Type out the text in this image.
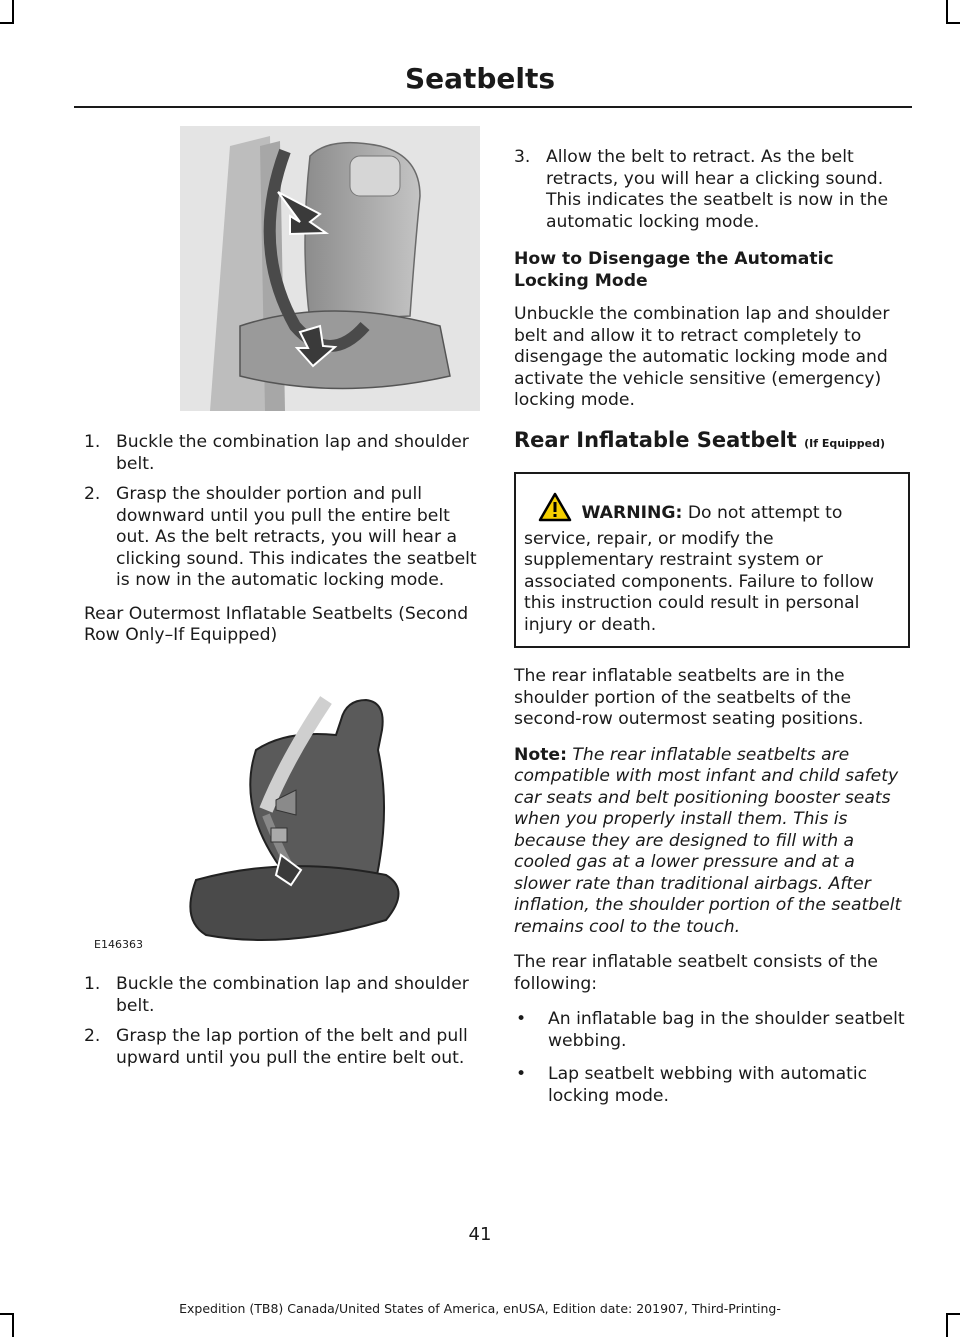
Seatbelts
1. Buckle the combination lap and shoulder belt.
2. Grasp the shoulder portion and pull downward until you pull the entire belt out. As the belt retracts, you will hear a clicking sound. This indicates the seatbelt is now in the automatic locking mode.

Rear Outermost Inflatable Seatbelts (Second Row Only–If Equipped)

E146363
1. Buckle the combination lap and shoulder belt.
2. Grasp the lap portion of the belt and pull upward until you pull the entire belt out.
3. Allow the belt to retract. As the belt retracts, you will hear a clicking sound. This indicates the seatbelt is now in the automatic locking mode.
How to Disengage the Automatic Locking Mode

Unbuckle the combination lap and shoulder belt and allow it to retract completely to disengage the automatic locking mode and activate the vehicle sensitive (emergency) locking mode.

Rear Inflatable Seatbelt (If Equipped)
WARNING: Do not attempt to service, repair, or modify the supplementary restraint system or associated components. Failure to follow this instruction could result in personal injury or death.

The rear inflatable seatbelts are in the shoulder portion of the seatbelts of the second-row outermost seating positions.

Note: The rear inflatable seatbelts are compatible with most infant and child safety car seats and belt positioning booster seats when you properly install them. This is because they are designed to fill with a cooled gas at a lower pressure and at a slower rate than traditional airbags. After inflation, the shoulder portion of the seatbelt remains cool to the touch.

The rear inflatable seatbelt consists of the following:

• An inflatable bag in the shoulder seatbelt webbing.
• Lap seatbelt webbing with automatic locking mode.
41
Expedition (TB8) Canada/United States of America, enUSA, Edition date: 201907, Third-Printing-
